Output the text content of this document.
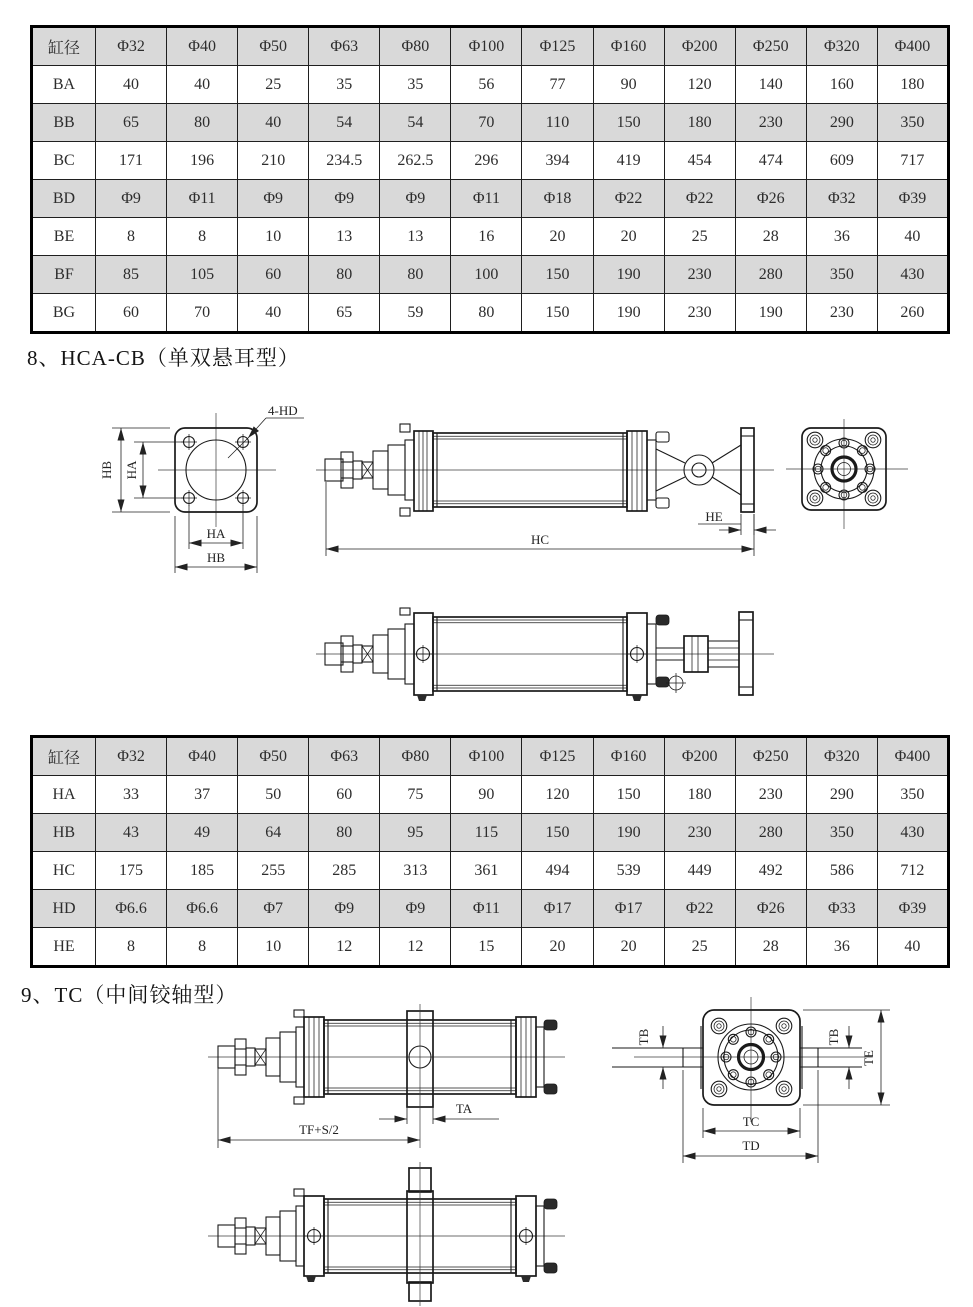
缸径	Φ32	Φ40	Φ50	Φ63	Φ80	Φ100	Φ125	Φ160	Φ200	Φ250	Φ320	Φ400
BA	40	40	25	35	35	56	77	90	120	140	160	180
BB	65	80	40	54	54	70	110	150	180	230	290	350
BC	171	196	210	234.5	262.5	296	394	419	454	474	609	717
BD	Φ9	Φ11	Φ9	Φ9	Φ9	Φ11	Φ18	Φ22	Φ22	Φ26	Φ32	Φ39
BE	8	8	10	13	13	16	20	20	25	28	36	40
BF	85	105	60	80	80	100	150	190	230	280	350	430
BG	60	70	40	65	59	80	150	190	230	190	230	260
8、HCA-CB（单双悬耳型）
HB HA
HA
HB
4-HD
HE
HC
缸径	Φ32	Φ40	Φ50	Φ63	Φ80	Φ100	Φ125	Φ160	Φ200	Φ250	Φ320	Φ400
HA	33	37	50	60	75	90	120	150	180	230	290	350
HB	43	49	64	80	95	115	150	190	230	280	350	430
HC	175	185	255	285	313	361	494	539	449	492	586	712
HD	Φ6.6	Φ6.6	Φ7	Φ9	Φ9	Φ11	Φ17	Φ17	Φ22	Φ26	Φ33	Φ39
HE	8	8	10	12	12	15	20	20	25	28	36	40
9、TC（中间铰轴型）
TA
TF+S/2
TB	TB
TE
TC
TD
